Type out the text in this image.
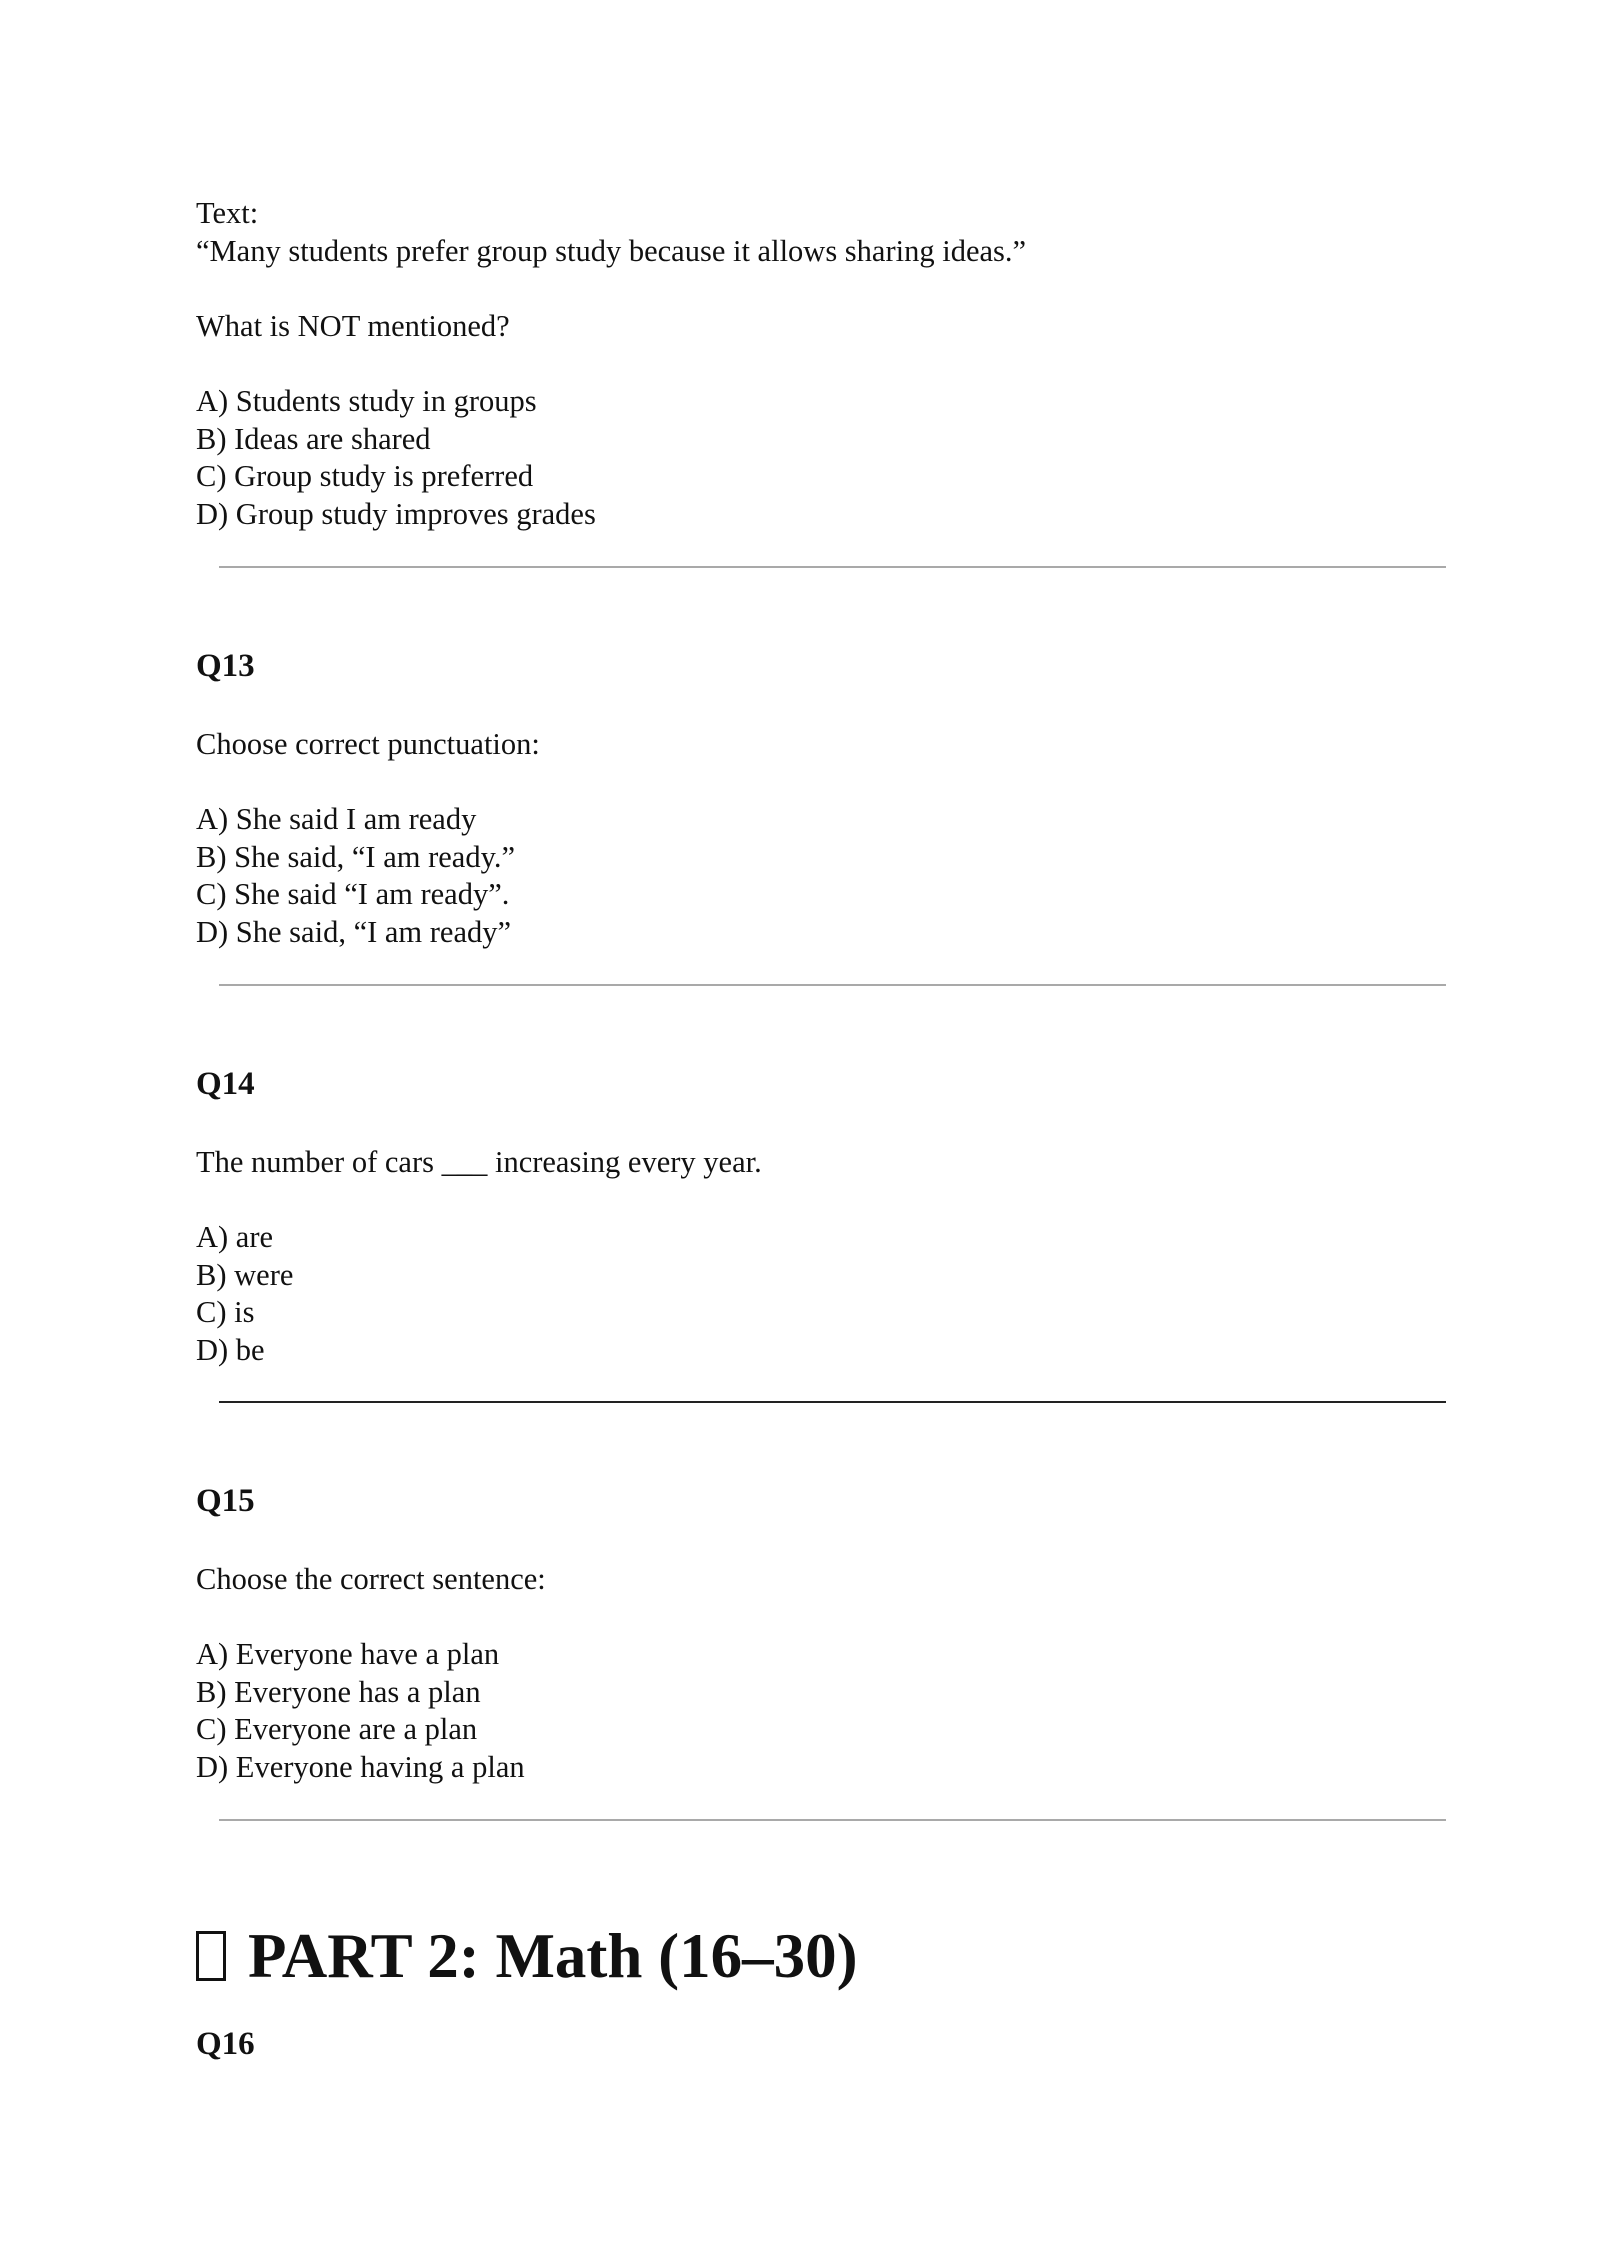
Text:
“Many students prefer group study because it allows sharing ideas.”
What is NOT mentioned?
A) Students study in groups
B) Ideas are shared
C) Group study is preferred
D) Group study improves grades
Q13
Choose correct punctuation:
A) She said I am ready
B) She said, “I am ready.”
C) She said “I am ready”.
D) She said, “I am ready”
Q14
The number of cars ___ increasing every year.
A) are
B) were
C) is
D) be
Q15
Choose the correct sentence:
A) Everyone have a plan
B) Everyone has a plan
C) Everyone are a plan
D) Everyone having a plan
PART 2: Math (16–30)
Q16
